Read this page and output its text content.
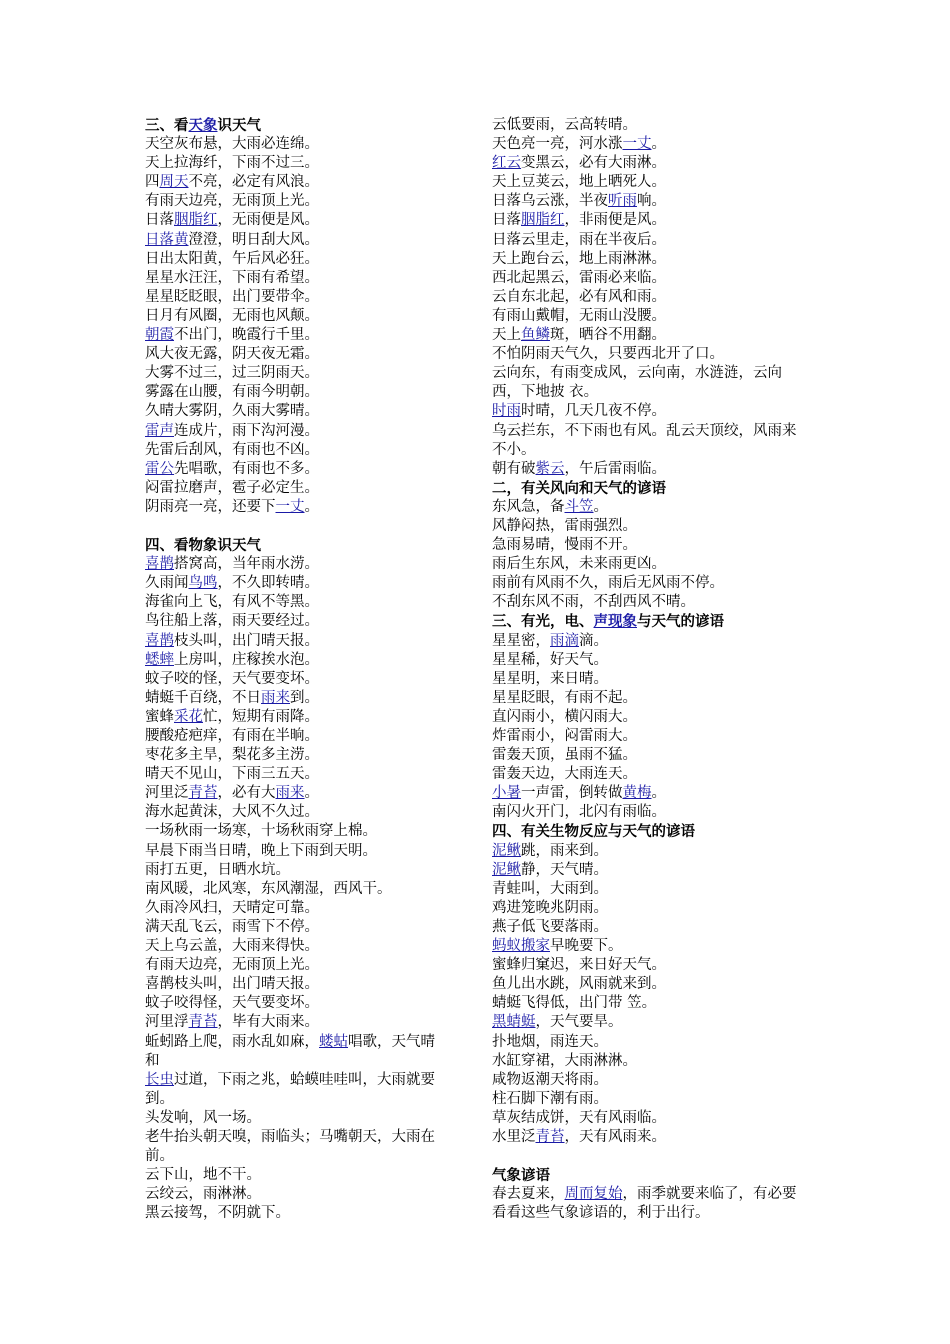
三、看天象识天气
天空灰布悬，大雨必连绵。
天上拉海纤，下雨不过三。
四周天不亮，必定有风浪。
有雨天边亮，无雨顶上光。
日落胭脂红，无雨便是风。
日落黄澄澄，明日刮大风。
日出太阳黄，午后风必狂。
星星水汪汪，下雨有希望。
星星眨眨眼，出门要带伞。
日月有风圈，无雨也风颠。
朝霞不出门，晚霞行千里。
风大夜无露，阴天夜无霜。
大雾不过三，过三阴雨天。
雾露在山腰，有雨今明朝。
久晴大雾阴，久雨大雾晴。
雷声连成片，雨下沟河漫。
先雷后刮风，有雨也不凶。
雷公先唱歌，有雨也不多。
闷雷拉磨声，雹子必定生。
阴雨亮一亮，还要下一丈。
四、看物象识天气
喜鹊搭窝高，当年雨水涝。
久雨闻鸟鸣，不久即转晴。
海雀向上飞，有风不等黑。
鸟往船上落，雨天要经过。
喜鹊枝头叫，出门晴天报。
蟋蟀上房叫，庄稼挨水泡。
蚊子咬的怪，天气要变坏。
蜻蜓千百绕，不日雨来到。
蜜蜂采花忙，短期有雨降。
腰酸疮疤痒，有雨在半晌。
枣花多主旱，梨花多主涝。
晴天不见山，下雨三五天。
河里泛青苔，必有大雨来。
海水起黄沫，大风不久过。
一场秋雨一场寒，十场秋雨穿上棉。
早晨下雨当日晴，晚上下雨到天明。
雨打五更，日晒水坑。
南风暖，北风寒，东风潮湿，西风干。
久雨冷风扫，天晴定可靠。
满天乱飞云，雨雪下不停。
天上乌云盖，大雨来得快。
有雨天边亮，无雨顶上光。
喜鹊枝头叫，出门晴天报。
蚊子咬得怪，天气要变坏。
河里浮青苔，毕有大雨来。
蚯蚓路上爬，雨水乱如麻，蝼蛄唱歌，天气晴
和
长虫过道，下雨之兆，蛤蟆哇哇叫，大雨就要到。
头发响，风一场。
老牛抬头朝天嗅，雨临头；马嘴朝天，大雨在前。
云下山，地不干。
云绞云，雨淋淋。
黑云接驾，不阴就下。
云低要雨，云高转晴。
天色亮一亮，河水涨一丈。
红云变黑云，必有大雨淋。
天上豆荚云，地上晒死人。
日落乌云涨，半夜听雨响。
日落胭脂红，非雨便是风。
日落云里走，雨在半夜后。
天上跑台云，地上雨淋淋。
西北起黑云，雷雨必来临。
云自东北起，必有风和雨。
有雨山戴帽，无雨山没腰。
天上鱼鳞斑，晒谷不用翻。
不怕阴雨天气久，只要西北开了口。
云向东，有雨变成风，云向南，水涟涟，云向西，下地披 衣。
时雨时晴，几天几夜不停。
乌云拦东，不下雨也有风。乱云天顶绞，风雨来不小。
朝有破紫云，午后雷雨临。
二，有关风向和天气的谚语
东风急，备斗笠。
风静闷热，雷雨强烈。
急雨易晴，慢雨不开。
雨后生东风，未来雨更凶。
雨前有风雨不久，雨后无风雨不停。
不刮东风不雨，不刮西风不晴。
三、有光，电、声现象与天气的谚语
星星密，雨滴滴。
星星稀，好天气。
星星明，来日晴。
星星眨眼，有雨不起。
直闪雨小，横闪雨大。
炸雷雨小，闷雷雨大。
雷轰天顶，虽雨不猛。
雷轰天边，大雨连天。
小暑一声雷，倒转做黄梅。
南闪火开门，北闪有雨临。
四、有关生物反应与天气的谚语
泥鳅跳，雨来到。
泥鳅静，天气晴。
青蛙叫，大雨到。
鸡进笼晚兆阴雨。
燕子低飞要落雨。
蚂蚁搬家早晚要下。
蜜蜂归窠迟，来日好天气。
鱼儿出水跳，风雨就来到。
蜻蜓飞得低，出门带 笠。
黑蜻蜓，天气要旱。
扑地烟，雨连天。
水缸穿裙，大雨淋淋。
咸物返潮天将雨。
柱石脚下潮有雨。
草灰结成饼，天有风雨临。
水里泛青苔，天有风雨来。
气象谚语
春去夏来，周而复始，雨季就要来临了，有必要看看这些气象谚语的，利于出行。
